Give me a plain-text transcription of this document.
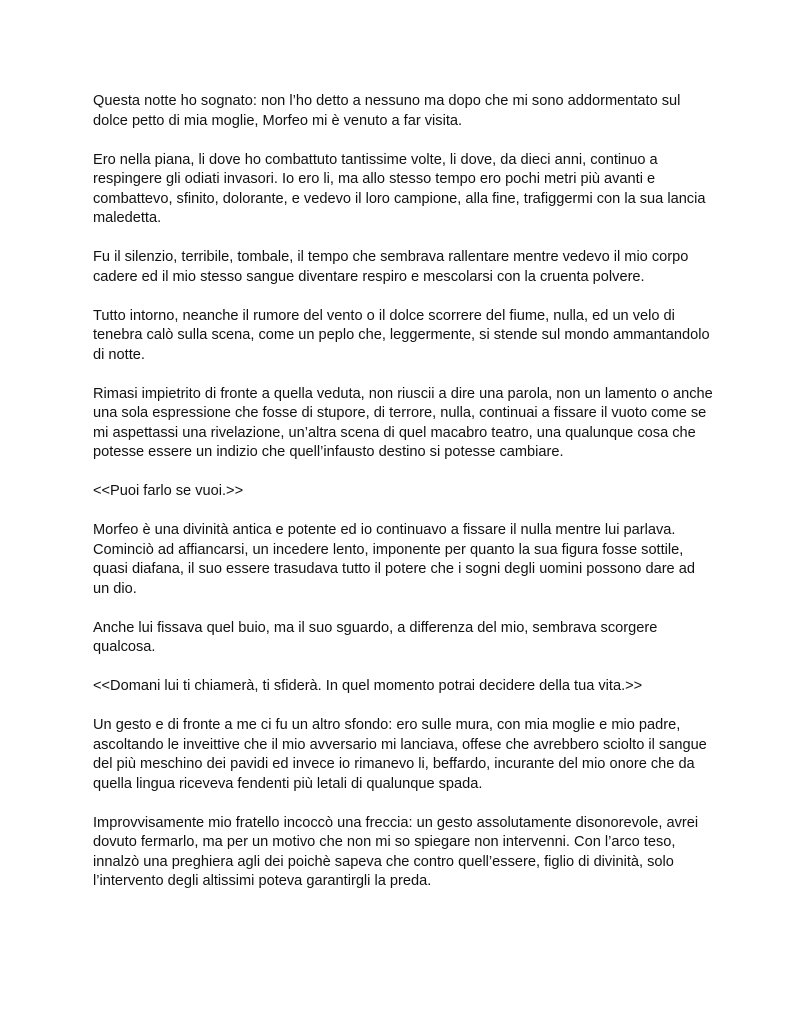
Questa notte ho sognato: non l’ho detto a nessuno ma dopo che mi sono addormentato sul dolce petto di mia moglie, Morfeo mi è venuto a far visita.

Ero nella piana, li dove ho combattuto tantissime volte, li dove, da dieci anni, continuo a respingere gli odiati invasori. Io ero li, ma allo stesso tempo ero pochi metri più avanti e combattevo, sfinito, dolorante, e vedevo il loro campione, alla fine, trafiggermi con la sua lancia maledetta.

Fu il silenzio, terribile, tombale, il tempo che sembrava rallentare mentre vedevo il mio corpo cadere ed il mio stesso sangue diventare respiro e mescolarsi con la cruenta polvere.

Tutto intorno, neanche il rumore del vento o il dolce scorrere del fiume, nulla, ed un velo di tenebra calò sulla scena, come un peplo che, leggermente, si stende sul mondo ammantandolo di notte.

Rimasi impietrito di fronte a quella veduta, non riuscii a dire una parola, non un lamento o anche una sola espressione che fosse di stupore, di terrore, nulla, continuai a fissare il vuoto come se mi aspettassi una rivelazione, un’altra scena di quel macabro teatro, una qualunque cosa che potesse essere un indizio che quell’infausto destino si potesse cambiare.

<<Puoi farlo se vuoi.>>

Morfeo è una divinità antica e potente ed io continuavo a fissare il nulla mentre lui parlava. Cominciò ad affiancarsi, un incedere lento, imponente per quanto la sua figura fosse sottile, quasi diafana, il suo essere trasudava tutto il potere che i sogni degli uomini possono dare ad un dio.

Anche lui fissava quel buio, ma il suo sguardo, a differenza del mio, sembrava scorgere qualcosa.

<<Domani lui ti chiamerà, ti sfiderà. In quel momento potrai decidere della tua vita.>>

Un gesto e di fronte a me ci fu un altro sfondo: ero sulle mura, con mia moglie e mio padre, ascoltando le inveittive che il mio avversario mi lanciava, offese che avrebbero sciolto il sangue del più meschino dei pavidi ed invece io rimanevo li, beffardo, incurante del mio onore che da quella lingua riceveva fendenti più letali di qualunque spada.

Improvvisamente mio fratello incoccò una freccia: un gesto assolutamente disonorevole, avrei dovuto fermarlo, ma per un motivo che non mi so spiegare non intervenni. Con l’arco teso, innalzò una preghiera agli dei poichè sapeva che contro quell’essere, figlio di divinità, solo l’intervento degli altissimi poteva garantirgli la preda.
